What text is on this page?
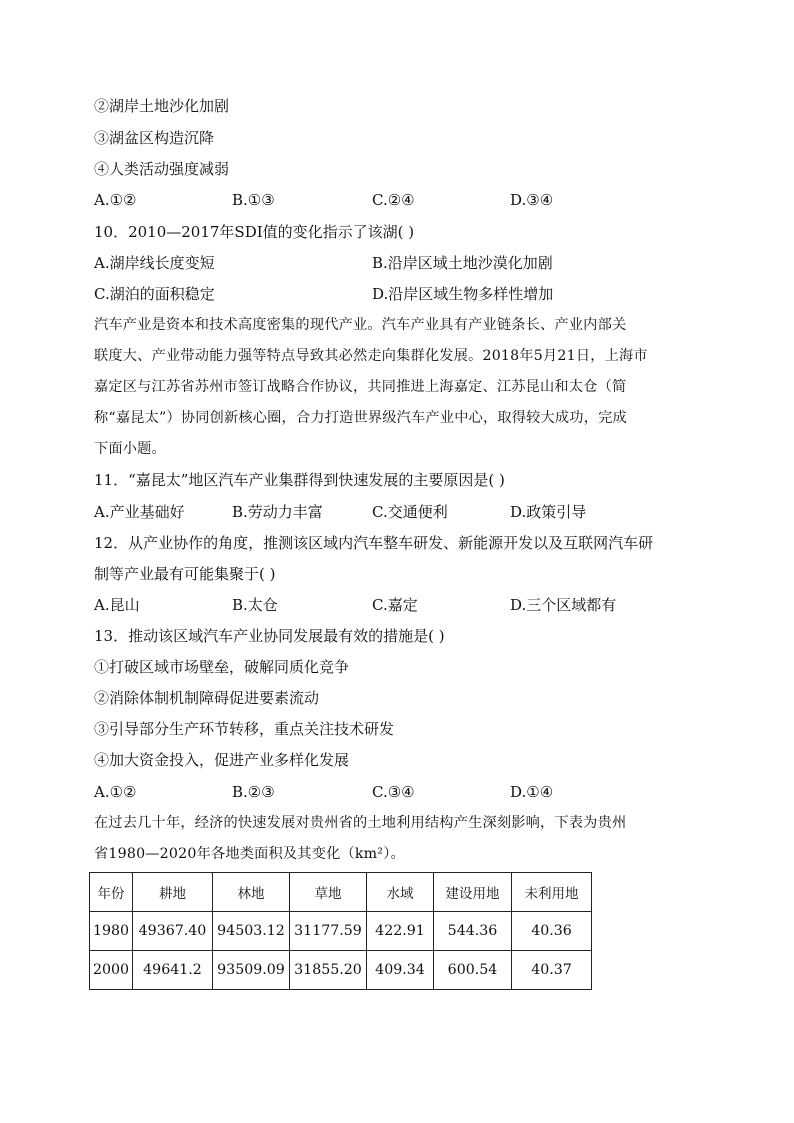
②湖岸土地沙化加剧
③湖盆区构造沉降
④人类活动强度减弱
A.①②	B.①③	C.②④	D.③④
10．2010—2017年SDI值的变化指示了该湖( )
A.湖岸线长度变短	B.沿岸区域土地沙漠化加剧
C.湖泊的面积稳定	D.沿岸区域生物多样性增加

汽车产业是资本和技术高度密集的现代产业。汽车产业具有产业链条长、产业内部关

联度大、产业带动能力强等特点导致其必然走向集群化发展。2018年5月21日，上海市

嘉定区与江苏省苏州市签订战略合作协议，共同推进上海嘉定、江苏昆山和太仓（简

称“嘉昆太”）协同创新核心圈，合力打造世界级汽车产业中心，取得较大成功，完成

下面小题。

11．“嘉昆太”地区汽车产业集群得到快速发展的主要原因是( )
A.产业基础好	B.劳动力丰富	C.交通便利	D.政策引导
12．从产业协作的角度，推测该区域内汽车整车研发、新能源开发以及互联网汽车研
制等产业最有可能集聚于( )
A.昆山	B.太仓	C.嘉定	D.三个区域都有
13．推动该区域汽车产业协同发展最有效的措施是( )
①打破区域市场壁垒，破解同质化竞争
②消除体制机制障碍促进要素流动
③引导部分生产环节转移，重点关注技术研发
④加大资金投入，促进产业多样化发展
A.①②	B.②③	C.③④	D.①④

在过去几十年，经济的快速发展对贵州省的土地利用结构产生深刻影响，下表为贵州

省1980—2020年各地类面积及其变化（km²）。

年份	耕地	林地	草地	水域	建设用地	未利用地
1980	49367.40	94503.12	31177.59	422.91	544.36	40.36
2000	49641.2	93509.09	31855.20	409.34	600.54	40.37
